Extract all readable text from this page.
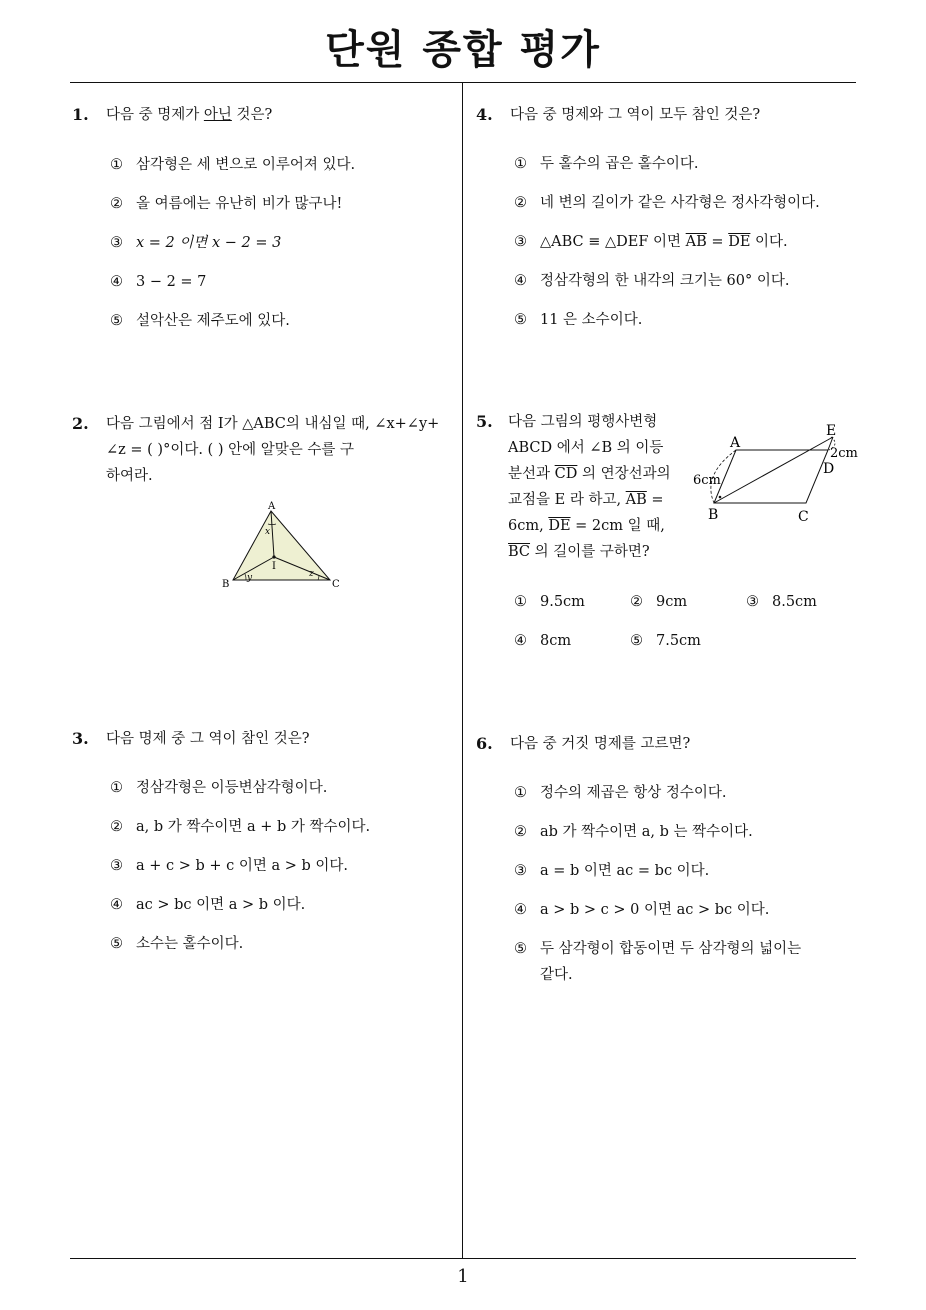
단원 종합 평가
1
1. 다음 중 명제가 아닌 것은?
① 삼각형은 세 변으로 이루어져 있다.
② 올 여름에는 유난히 비가 많구나!
③ x = 2 이면 x − 2 = 3
④ 3 − 2 = 7
⑤ 설악산은 제주도에 있다.
2. 다음 그림에서 점 I가 △ABC의 내심일 때, ∠x+∠y+
∠z = ( )°이다. ( ) 안에 알맞은 수를 구
하여라.
A
B	C
I
x
y	z
3. 다음 명제 중 그 역이 참인 것은?
① 정삼각형은 이등변삼각형이다.
② a, b 가 짝수이면 a + b 가 짝수이다.
③ a + c > b + c 이면 a > b 이다.
④ ac > bc 이면 a > b 이다.
⑤ 소수는 홀수이다.
4. 다음 중 명제와 그 역이 모두 참인 것은?
① 두 홀수의 곱은 홀수이다.
② 네 변의 길이가 같은 사각형은 정사각형이다.
③ △ABC ≡ △DEF 이면 $\overline{AB} = \overline{DE}$ 이다.
④ 정삼각형의 한 내각의 크기는 60° 이다.
⑤ 11 은 소수이다.
5. 다음 그림의 평행사변형
ABCD 에서 ∠B 의 이등
분선과 $\overline{CD}$ 의 연장선과의
교점을 E 라 하고, $\overline{AB}$ =
6cm, $\overline{DE} = 2cm$ 일 때,
$\overline{BC}$ 의 길이를 구하면?
A
B	C
D
E
6cm
2cm
① 9.5cm	② 9cm	③ 8.5cm
④ 8cm	⑤ 7.5cm
6. 다음 중 거짓 명제를 고르면?
① 정수의 제곱은 항상 정수이다.
② ab 가 짝수이면 a, b 는 짝수이다.
③ a = b 이면 ac = bc 이다.
④ a > b > c > 0 이면 ac > bc 이다.
⑤ 두 삼각형이 합동이면 두 삼각형의 넓이는
같다.
